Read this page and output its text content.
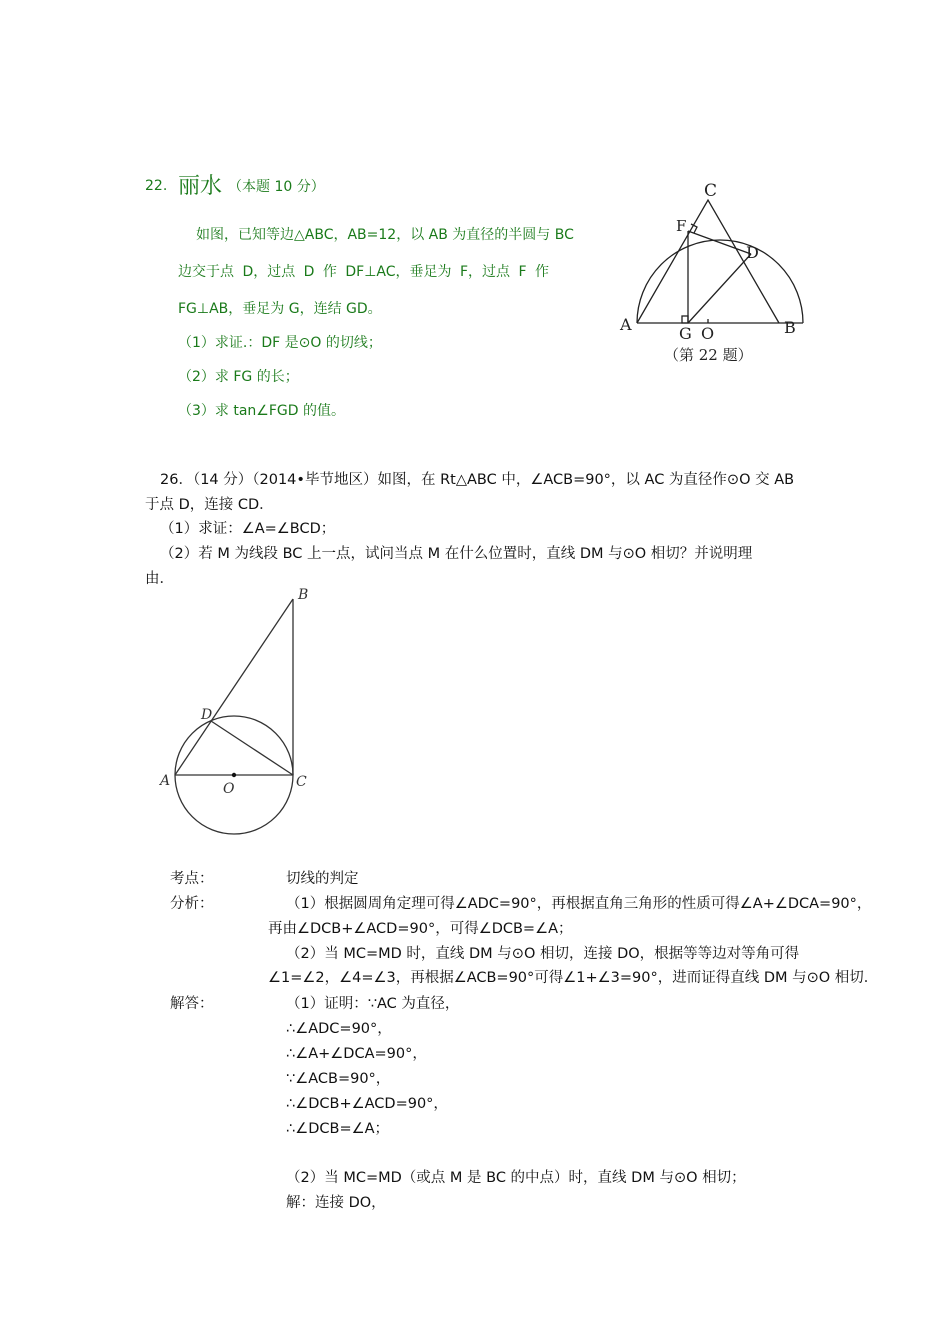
22. 丽水 （本题 10 分）
如图，已知等边△ABC，AB=12，以 AB 为直径的半圆与 BC
边交于点 D，过点 D 作 DF⊥AC，垂足为 F，过点 F 作
FG⊥AB，垂足为 G，连结 GD。
（1）求证.：DF 是⊙O 的切线；
（2）求 FG 的长；
（3）求 tan∠FGD 的值。
C
F
D
A	G O	B
（第 22 题）
26．（14 分）（2014•毕节地区）如图，在 Rt△ABC 中，∠ACB=90°，以 AC 为直径作⊙O 交 AB
于点 D，连接 CD．
（1）求证：∠A=∠BCD；
（2）若 M 为线段 BC 上一点，试问当点 M 在什么位置时，直线 DM 与⊙O 相切？并说明理
由．
B
D
A	O	C
考点：	切线的判定
分析：	（1）根据圆周角定理可得∠ADC=90°，再根据直角三角形的性质可得∠A+∠DCA=90°，
再由∠DCB+∠ACD=90°，可得∠DCB=∠A；
（2）当 MC=MD 时，直线 DM 与⊙O 相切，连接 DO，根据等等边对等角可得
∠1=∠2，∠4=∠3，再根据∠ACB=90°可得∠1+∠3=90°，进而证得直线 DM 与⊙O 相切．
解答：	（1）证明：∵AC 为直径，
∴∠ADC=90°，
∴∠A+∠DCA=90°，
∵∠ACB=90°，
∴∠DCB+∠ACD=90°，
∴∠DCB=∠A；
（2）当 MC=MD（或点 M 是 BC 的中点）时，直线 DM 与⊙O 相切；
解：连接 DO，
